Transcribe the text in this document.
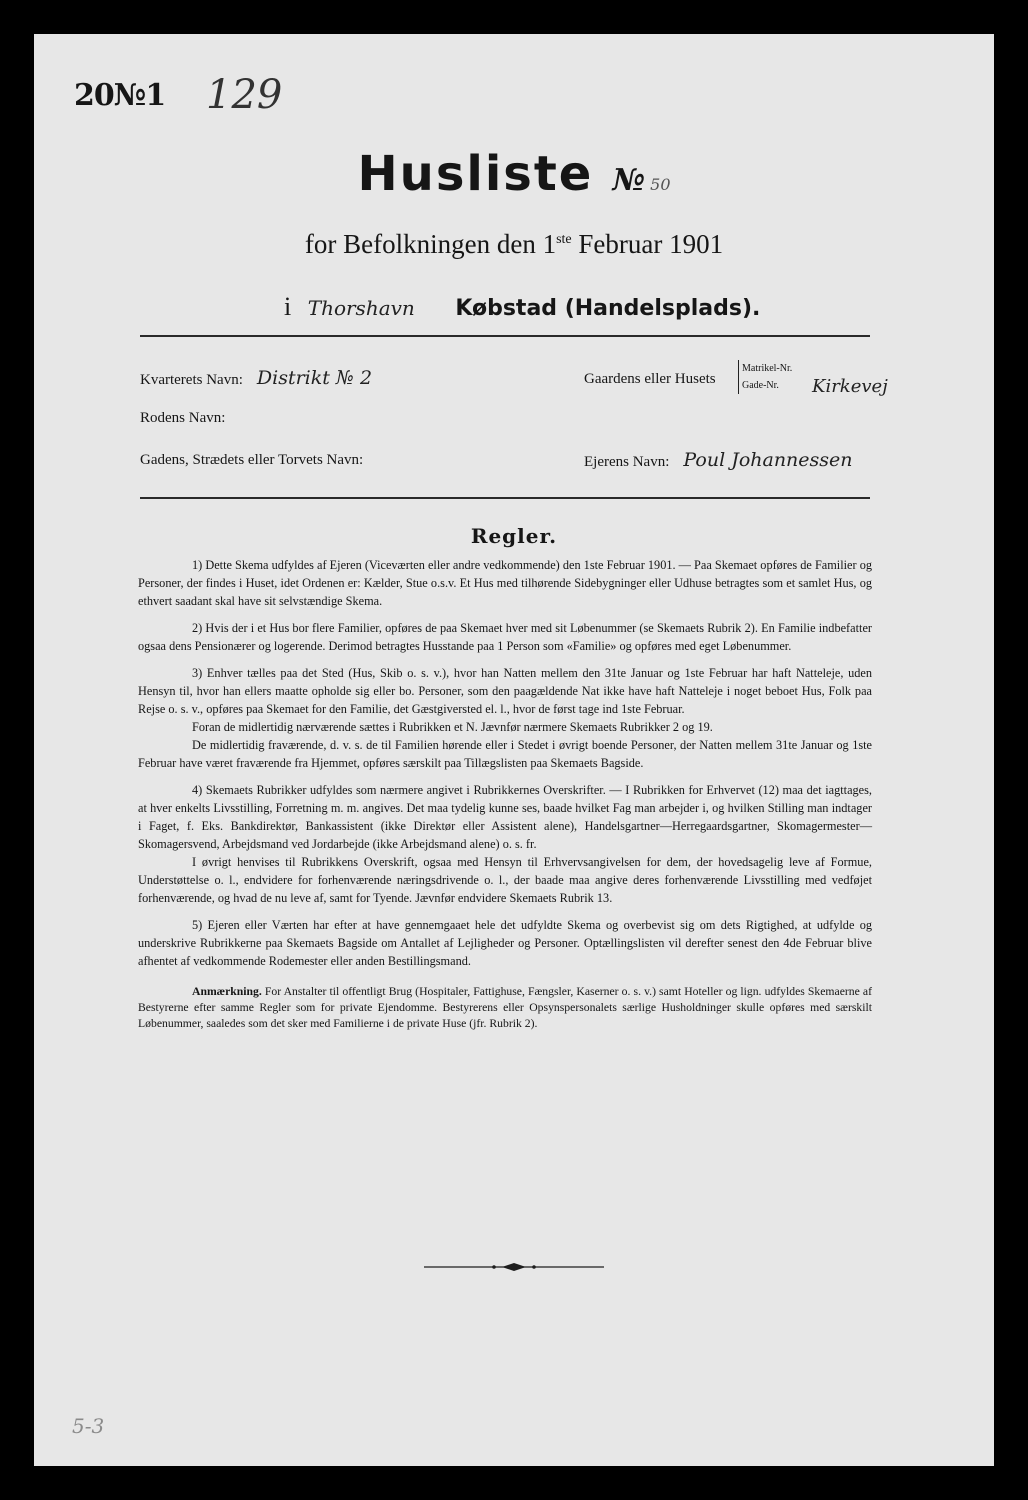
20№1 129
Husliste № 50
for Befolkningen den 1ste Februar 1901
i Thorshavn Købstad (Handelsplads).
Kvarterets Navn: Distrikt № 2	Gaardens eller Husets
Matrikel-Nr.
Gade-Nr.	Kirkevej
Rodens Navn:
Gadens, Strædets eller Torvets Navn:	Ejerens Navn: Poul Johannessen
Regler.

1) Dette Skema udfyldes af Ejeren (Viceværten eller andre vedkommende) den 1ste Februar 1901. — Paa Skemaet opføres de Familier og Personer, der findes i Huset, idet Ordenen er: Kælder, Stue o.s.v. Et Hus med tilhørende Sidebygninger eller Udhuse betragtes som et samlet Hus, og ethvert saadant skal have sit selvstændige Skema.

2) Hvis der i et Hus bor flere Familier, opføres de paa Skemaet hver med sit Løbenummer (se Skemaets Rubrik 2). En Familie indbefatter ogsaa dens Pensionærer og logerende. Derimod betragtes Husstande paa 1 Person som «Familie» og opføres med eget Løbenummer.

3) Enhver tælles paa det Sted (Hus, Skib o. s. v.), hvor han Natten mellem den 31te Januar og 1ste Februar har haft Natteleje, uden Hensyn til, hvor han ellers maatte opholde sig eller bo. Personer, som den paagældende Nat ikke have haft Natteleje i noget beboet Hus, Folk paa Rejse o. s. v., opføres paa Skemaet for den Familie, det Gæstgiversted el. l., hvor de først tage ind 1ste Februar.

Foran de midlertidig nærværende sættes i Rubrikken et N. Jævnfør nærmere Skemaets Rubrikker 2 og 19.

De midlertidig fraværende, d. v. s. de til Familien hørende eller i Stedet i øvrigt boende Personer, der Natten mellem 31te Januar og 1ste Februar have været fraværende fra Hjemmet, opføres særskilt paa Tillægslisten paa Skemaets Bagside.

4) Skemaets Rubrikker udfyldes som nærmere angivet i Rubrikkernes Overskrifter. — I Rubrikken for Erhvervet (12) maa det iagttages, at hver enkelts Livsstilling, Forretning m. m. angives. Det maa tydelig kunne ses, baade hvilket Fag man arbejder i, og hvilken Stilling man indtager i Faget, f. Eks. Bankdirektør, Bankassistent (ikke Direktør eller Assistent alene), Handelsgartner—Herregaardsgartner, Skomagermester—Skomagersvend, Arbejdsmand ved Jordarbejde (ikke Arbejdsmand alene) o. s. fr.

I øvrigt henvises til Rubrikkens Overskrift, ogsaa med Hensyn til Erhvervsangivelsen for dem, der hovedsagelig leve af Formue, Understøttelse o. l., endvidere for forhenværende næringsdrivende o. l., der baade maa angive deres forhenværende Livsstilling med vedføjet forhenværende, og hvad de nu leve af, samt for Tyende. Jævnfør endvidere Skemaets Rubrik 13.

5) Ejeren eller Værten har efter at have gennemgaaet hele det udfyldte Skema og overbevist sig om dets Rigtighed, at udfylde og underskrive Rubrikkerne paa Skemaets Bagside om Antallet af Lejligheder og Personer. Optællingslisten vil derefter senest den 4de Februar blive afhentet af vedkommende Rodemester eller anden Bestillingsmand.

Anmærkning. For Anstalter til offentligt Brug (Hospitaler, Fattighuse, Fængsler, Kaserner o. s. v.) samt Hoteller og lign. udfyldes Skemaerne af Bestyrerne efter samme Regler som for private Ejendomme. Bestyrerens eller Opsynspersonalets særlige Husholdninger skulle opføres med særskilt Løbenummer, saaledes som det sker med Familierne i de private Huse (jfr. Rubrik 2).

5-3
